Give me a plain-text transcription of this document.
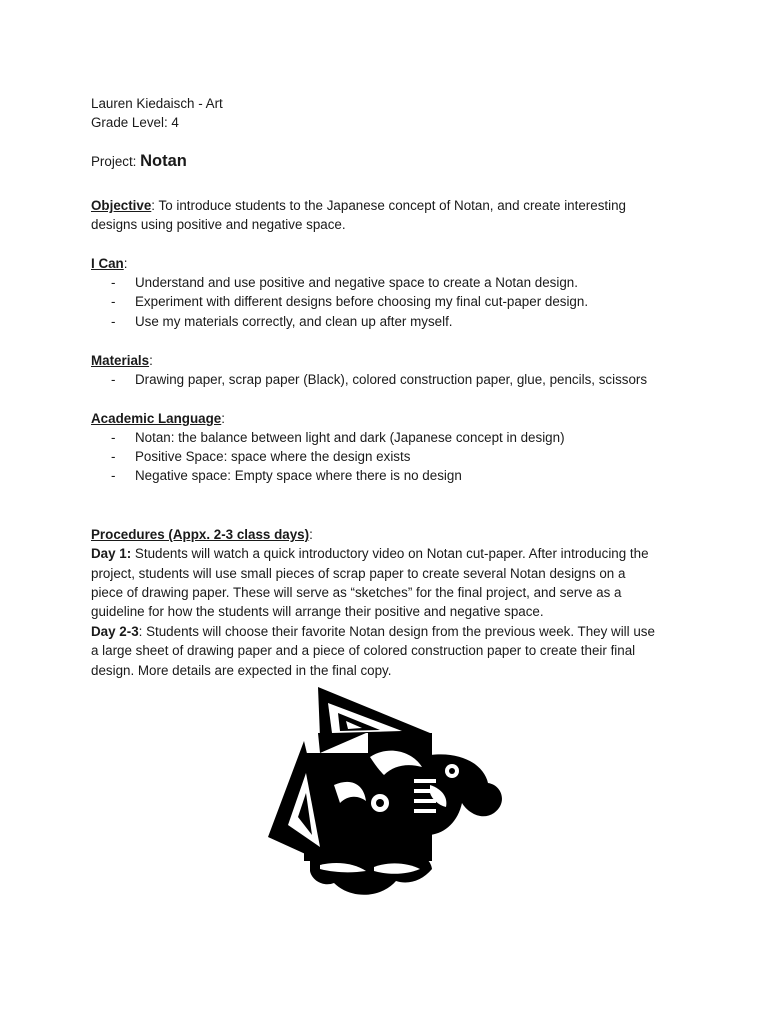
Lauren Kiedaisch - Art
Grade Level: 4
Project: Notan
Objective: To introduce students to the Japanese concept of Notan, and create interesting
designs using positive and negative space.
I Can:
- Understand and use positive and negative space to create a Notan design.
- Experiment with different designs before choosing my final cut-paper design.
- Use my materials correctly, and clean up after myself.
Materials:
- Drawing paper, scrap paper (Black), colored construction paper, glue, pencils, scissors
Academic Language:
- Notan: the balance between light and dark (Japanese concept in design)
- Positive Space: space where the design exists
- Negative space: Empty space where there is no design
Procedures (Appx. 2-3 class days):
Day 1: Students will watch a quick introductory video on Notan cut-paper. After introducing the
project, students will use small pieces of scrap paper to create several Notan designs on a
piece of drawing paper. These will serve as “sketches” for the final project, and serve as a
guideline for how the students will arrange their positive and negative space.
Day 2-3: Students will choose their favorite Notan design from the previous week. They will use
a large sheet of drawing paper and a piece of colored construction paper to create their final
design. More details are expected in the final copy.
